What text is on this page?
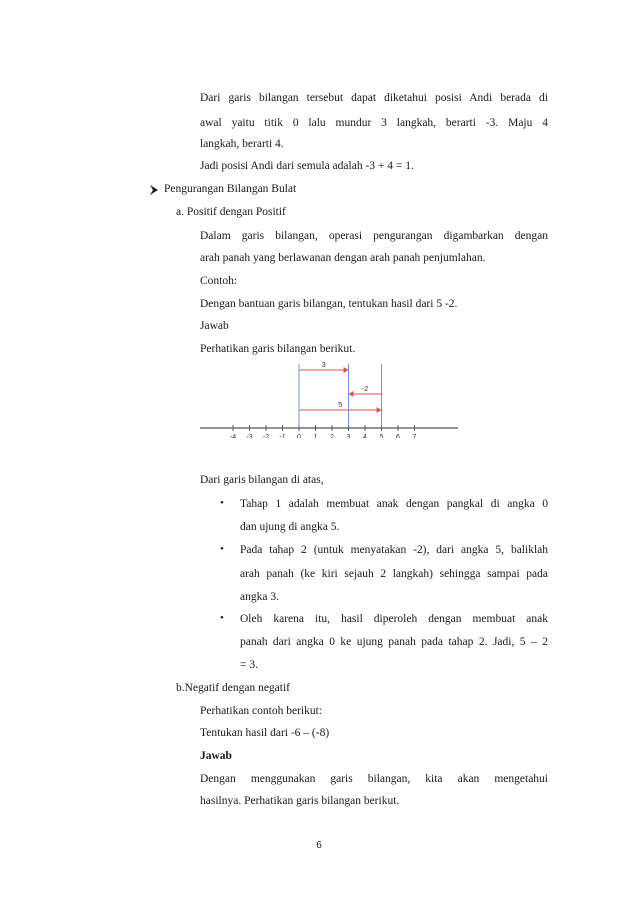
Dari garis bilangan tersebut dapat diketahui posisi Andi berada di
awal yaitu titik 0 lalu mundur 3 langkah, berarti -3. Maju 4
langkah, berarti 4.
Jadi posisi Andi dari semula adalah -3 + 4 = 1.
Pengurangan Bilangan Bulat
a. Positif dengan Positif
Dalam garis bilangan, operasi pengurangan digambarkan dengan
arah panah yang berlawanan dengan arah panah penjumlahan.
Contoh:
Dengan bantuan garis bilangan, tentukan hasil dari 5 -2.
Jawab
Perhatikan garis bilangan berikut.
-4 -3 -2 -1 0 1 2 3 4 5 6 7
3
-2
5
Dari garis bilangan di atas,
• Tahap 1 adalah membuat anak dengan pangkal di angka 0
dan ujung di angka 5.
• Pada tahap 2 (untuk menyatakan -2), dari angka 5, baliklah
arah panah (ke kiri sejauh 2 langkah) sehingga sampai pada
angka 3.
• Oleh karena itu, hasil diperoleh dengan membuat anak
panah dari angka 0 ke ujung panah pada tahap 2. Jadi, 5 – 2
= 3.
b.Negatif dengan negatif
Perhatikan contoh berikut:
Tentukan hasil dari -6 – (-8)
Jawab
Dengan menggunakan garis bilangan, kita akan mengetahui
hasilnya. Perhatikan garis bilangan berikut.
6
